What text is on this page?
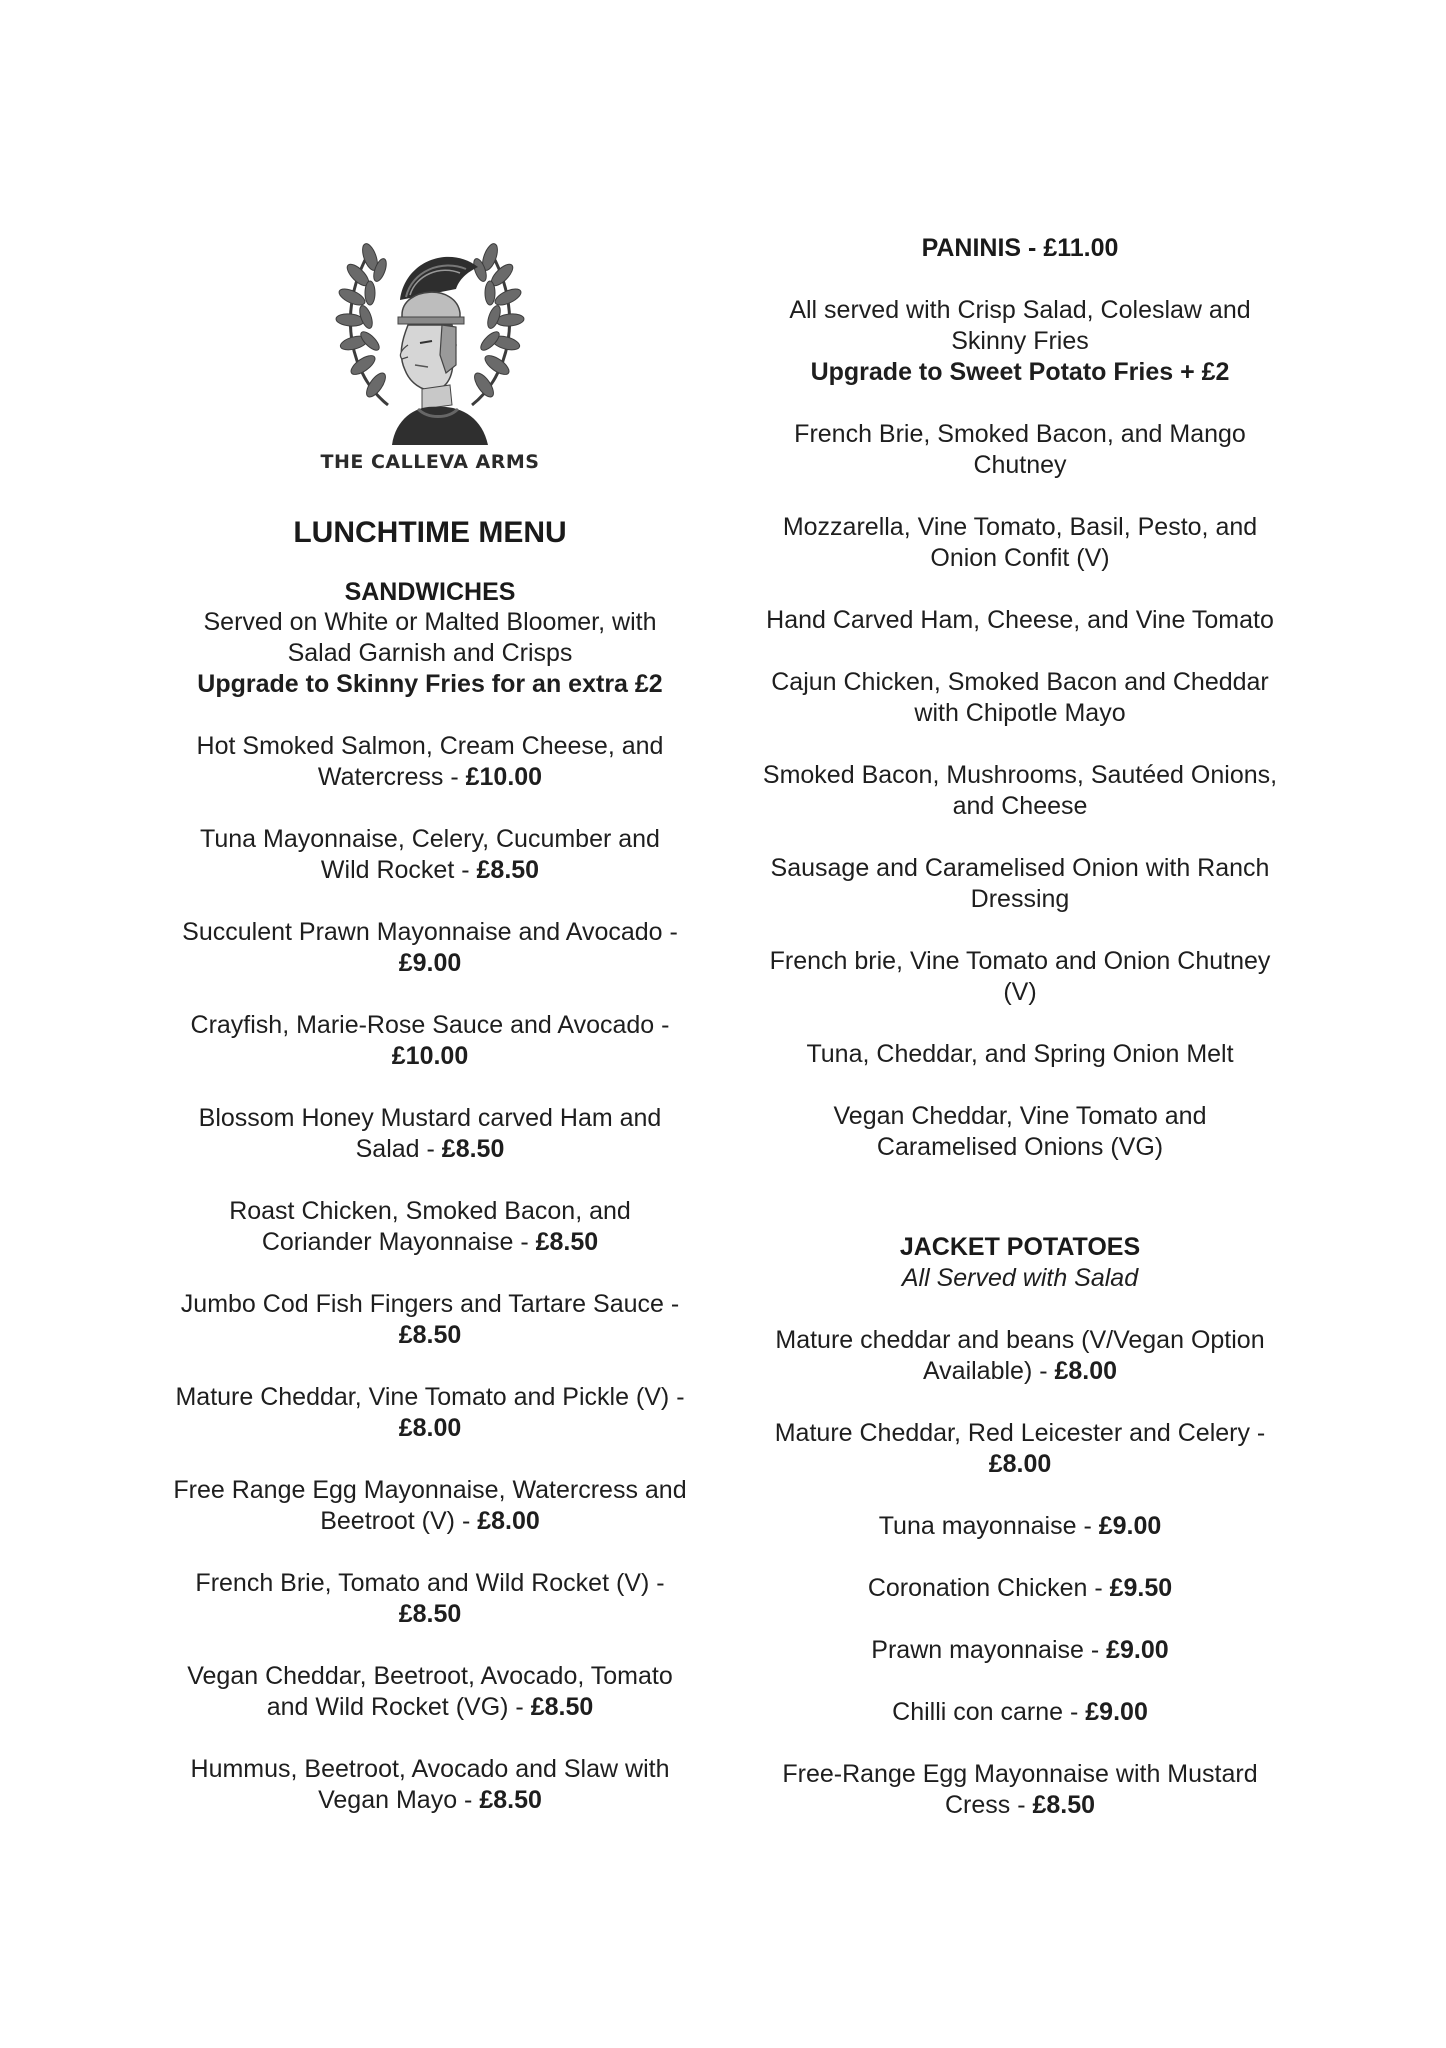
THE CALLEVA ARMS
LUNCHTIME MENU
SANDWICHES
Served on White or Malted Bloomer, with Salad Garnish and Crisps
Upgrade to Skinny Fries for an extra £2
Hot Smoked Salmon, Cream Cheese, and Watercress - £10.00
Tuna Mayonnaise, Celery, Cucumber and Wild Rocket - £8.50
Succulent Prawn Mayonnaise and Avocado - £9.00
Crayfish, Marie-Rose Sauce and Avocado - £10.00
Blossom Honey Mustard carved Ham and Salad - £8.50
Roast Chicken, Smoked Bacon, and Coriander Mayonnaise - £8.50
Jumbo Cod Fish Fingers and Tartare Sauce - £8.50
Mature Cheddar, Vine Tomato and Pickle (V) - £8.00
Free Range Egg Mayonnaise, Watercress and Beetroot (V) - £8.00
French Brie, Tomato and Wild Rocket (V) - £8.50
Vegan Cheddar, Beetroot, Avocado, Tomato and Wild Rocket (VG) - £8.50
Hummus, Beetroot, Avocado and Slaw with Vegan Mayo - £8.50
PANINIS - £11.00
All served with Crisp Salad, Coleslaw and Skinny Fries
Upgrade to Sweet Potato Fries + £2
French Brie, Smoked Bacon, and Mango Chutney
Mozzarella, Vine Tomato, Basil, Pesto, and Onion Confit (V)
Hand Carved Ham, Cheese, and Vine Tomato
Cajun Chicken, Smoked Bacon and Cheddar with Chipotle Mayo
Smoked Bacon, Mushrooms, Sautéed Onions, and Cheese
Sausage and Caramelised Onion with Ranch Dressing
French brie, Vine Tomato and Onion Chutney (V)
Tuna, Cheddar, and Spring Onion Melt
Vegan Cheddar, Vine Tomato and Caramelised Onions (VG)
JACKET POTATOES
All Served with Salad
Mature cheddar and beans (V/Vegan Option Available) - £8.00
Mature Cheddar, Red Leicester and Celery - £8.00
Tuna mayonnaise - £9.00
Coronation Chicken - £9.50
Prawn mayonnaise - £9.00
Chilli con carne - £9.00
Free-Range Egg Mayonnaise with Mustard Cress - £8.50
